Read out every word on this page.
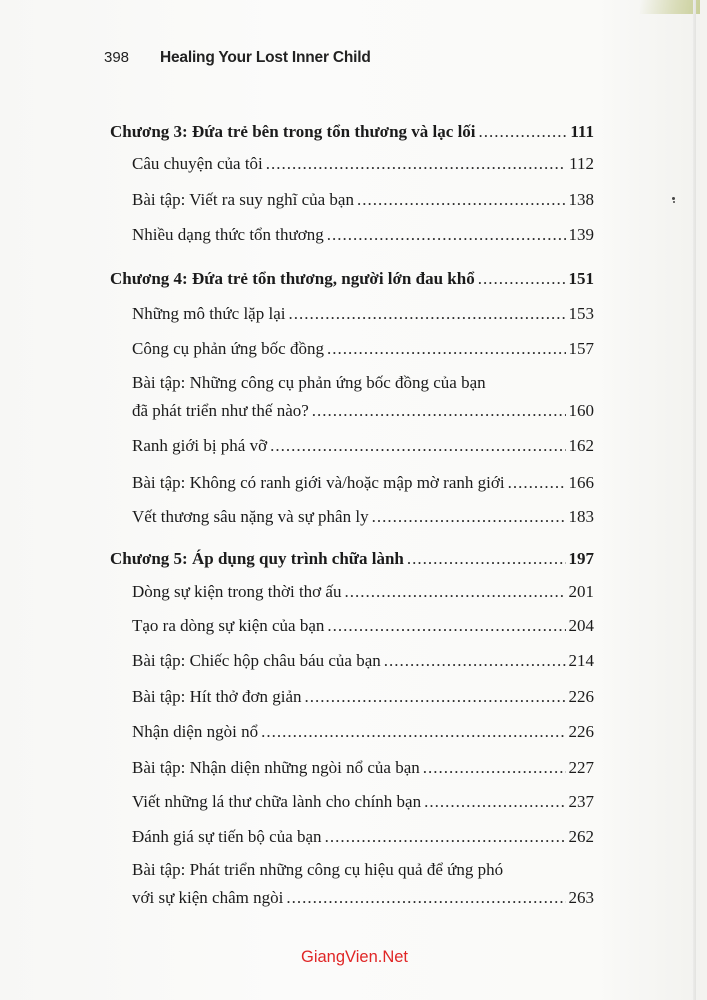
398	Healing Your Lost Inner Child
Chương 3: Đứa trẻ bên trong tổn thương và lạc lối .....	111
Câu chuyện của tôi .....	112
Bài tập: Viết ra suy nghĩ của bạn .....	138
Nhiều dạng thức tổn thương .....	139
Chương 4: Đứa trẻ tổn thương, người lớn đau khổ .....	151
Những mô thức lặp lại .....	153
Công cụ phản ứng bốc đồng .....	157
Bài tập: Những công cụ phản ứng bốc đồng của bạn
đã phát triển như thế nào? .....	160
Ranh giới bị phá vỡ .....	162
Bài tập: Không có ranh giới và/hoặc mập mờ ranh giới .....	166
Vết thương sâu nặng và sự phân ly .....	183
Chương 5: Áp dụng quy trình chữa lành .....	197
Dòng sự kiện trong thời thơ ấu .....	201
Tạo ra dòng sự kiện của bạn .....	204
Bài tập: Chiếc hộp châu báu của bạn .....	214
Bài tập: Hít thở đơn giản .....	226
Nhận diện ngòi nổ .....	226
Bài tập: Nhận diện những ngòi nổ của bạn .....	227
Viết những lá thư chữa lành cho chính bạn .....	237
Đánh giá sự tiến bộ của bạn .....	262
Bài tập: Phát triển những công cụ hiệu quả để ứng phó
với sự kiện châm ngòi .....	263
GiangVien.Net
